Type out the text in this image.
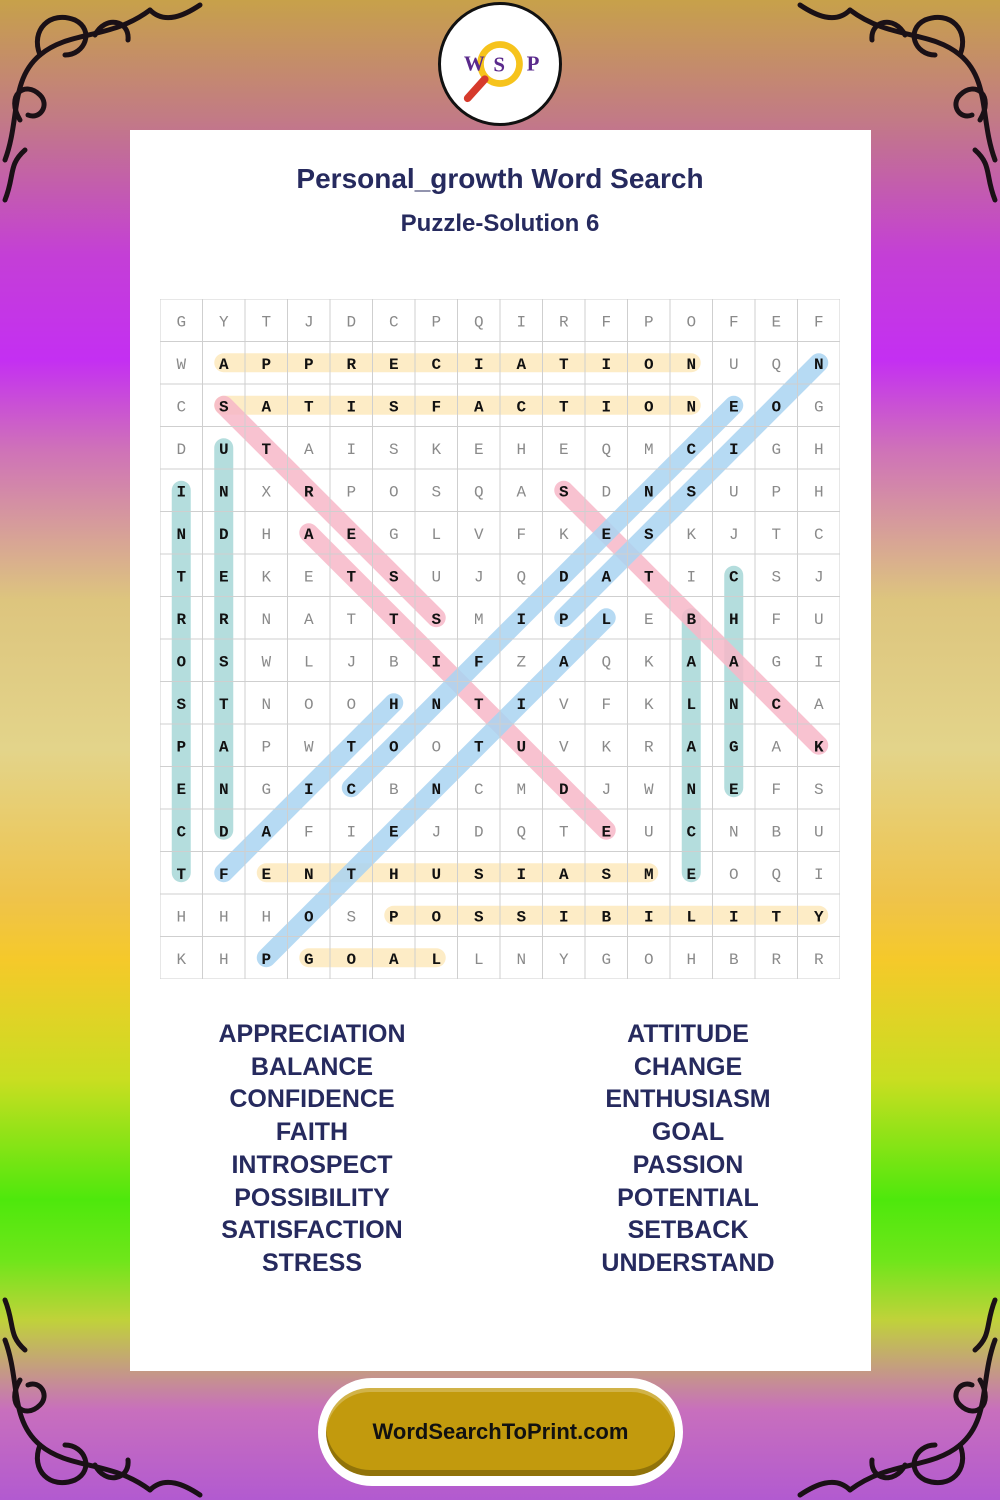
W S P
Personal_growth Word Search
Puzzle-Solution 6
G Y T J D C P Q I R F P O F E F
W A P P R E C I A T I O N U Q N
C S A T I S F A C T I O N E O G
D U T A I S K E H E Q M C I G H
I N X R P O S Q A S D N S U P H
N D H A E G L V F K E S K J T C
T E K E T S U J Q D A T I C S J
R R N A T T S M I P L E B H F U
O S W L J B I F Z A Q K A A G I
S T N O O H N T I V F K L N C A
P A P W T O O T U V K R A G A K
E N G I C B N C M D J W N E F S
C D A F I E J D Q T E U C N B U
T F E N T H U S I A S M E O Q I
H H H O S P O S S I B I L I T Y
K H P G O A L L N Y G O H B R R
APPRECIATION
BALANCE
CONFIDENCE
FAITH
INTROSPECT
POSSIBILITY
SATISFACTION
STRESS
ATTITUDE
CHANGE
ENTHUSIASM
GOAL
PASSION
POTENTIAL
SETBACK
UNDERSTAND
WordSearchToPrint.com
